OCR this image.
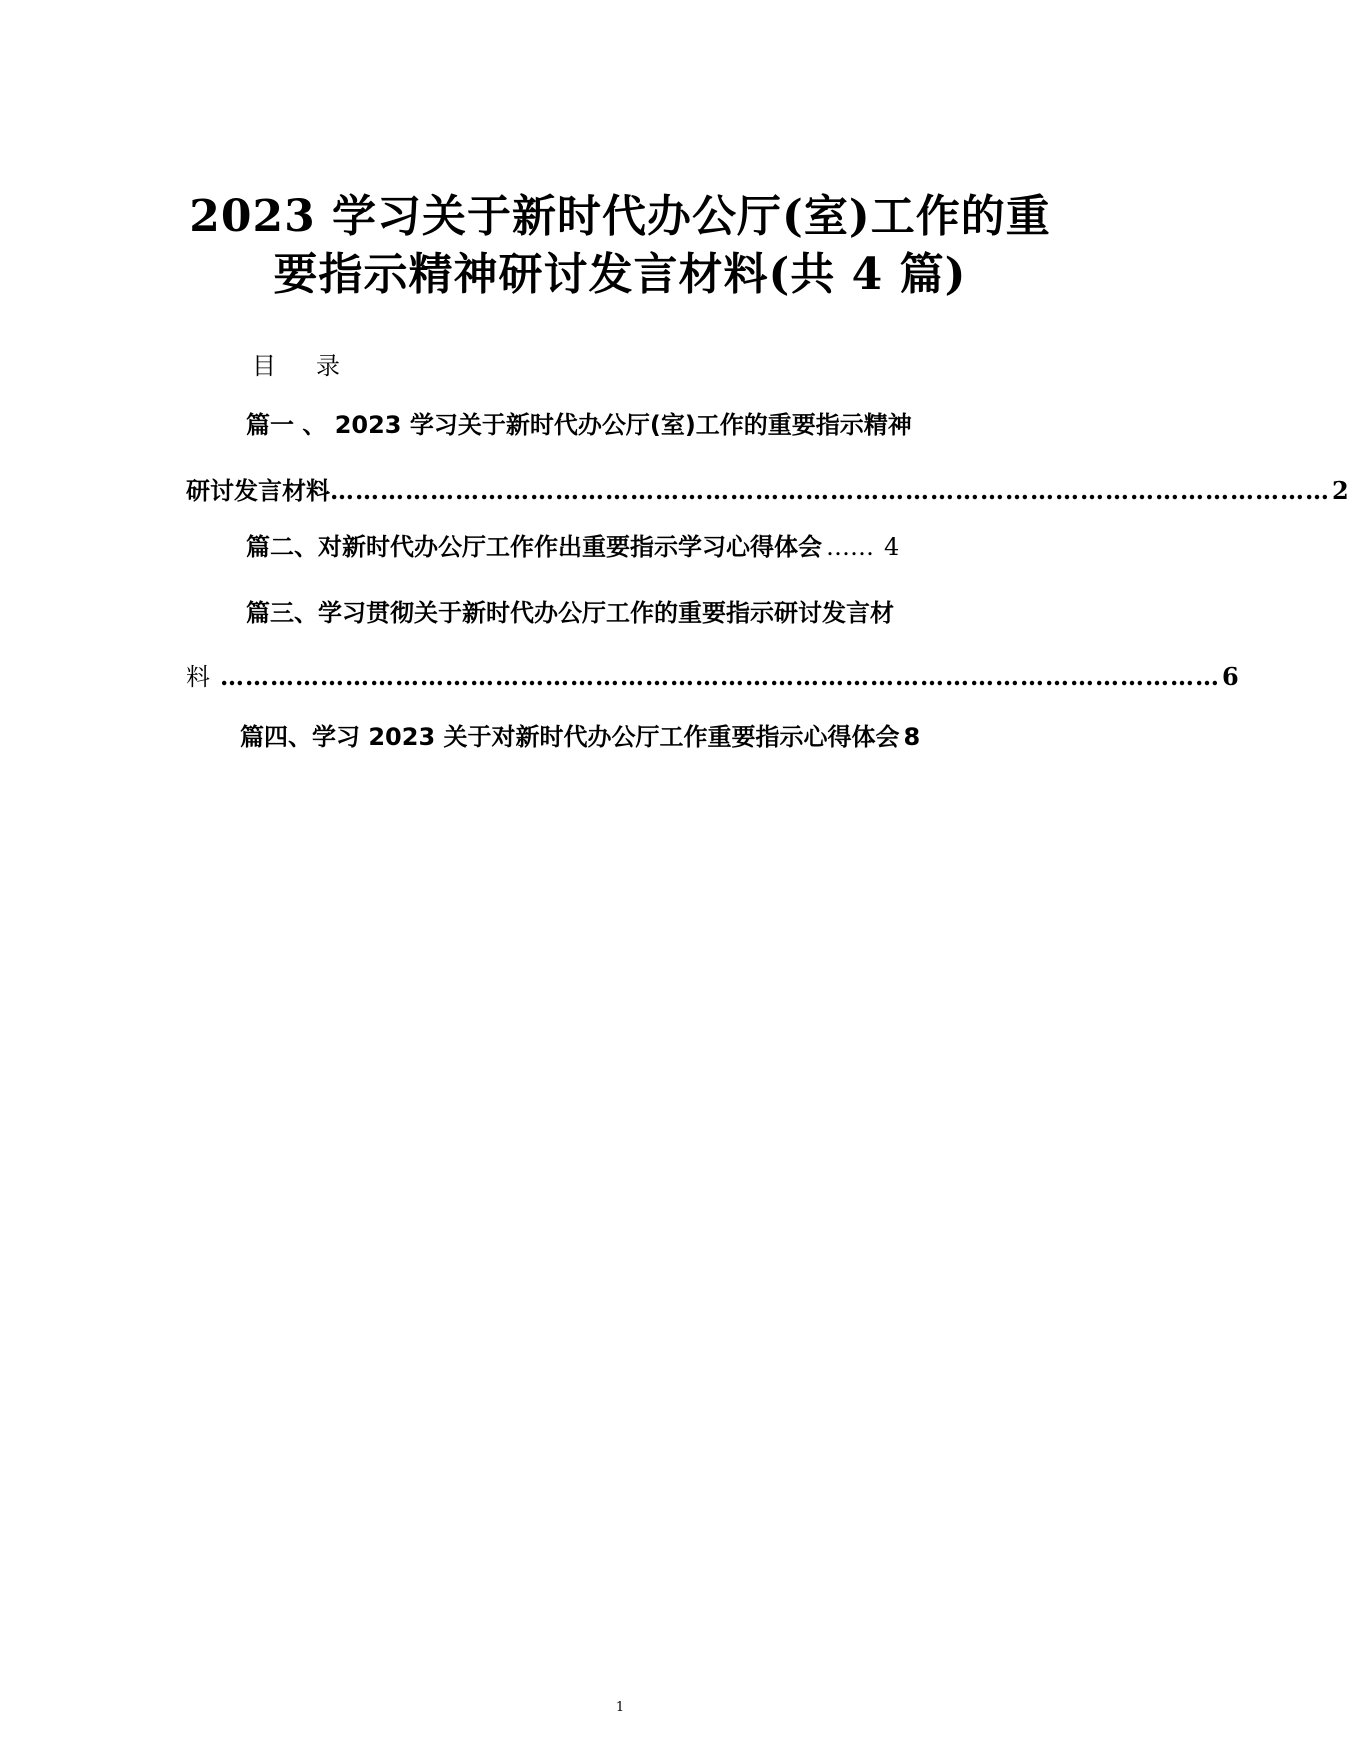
2023 学习关于新时代办公厅(室)工作的重
要指示精神研讨发言材料(共 4 篇)
目 录
篇一 、 2023 学习关于新时代办公厅(室)工作的重要指示精神
研讨发言材料 ………………………………………………………………………………………………………… 2
篇二、对新时代办公厅工作作出重要指示学习心得体会 …… 4
篇三、学习贯彻关于新时代办公厅工作的重要指示研讨发言材
料 ………………………………………………………………………………………………………… 6
篇四、学习 2023 关于对新时代办公厅工作重要指示心得体会 8
1
